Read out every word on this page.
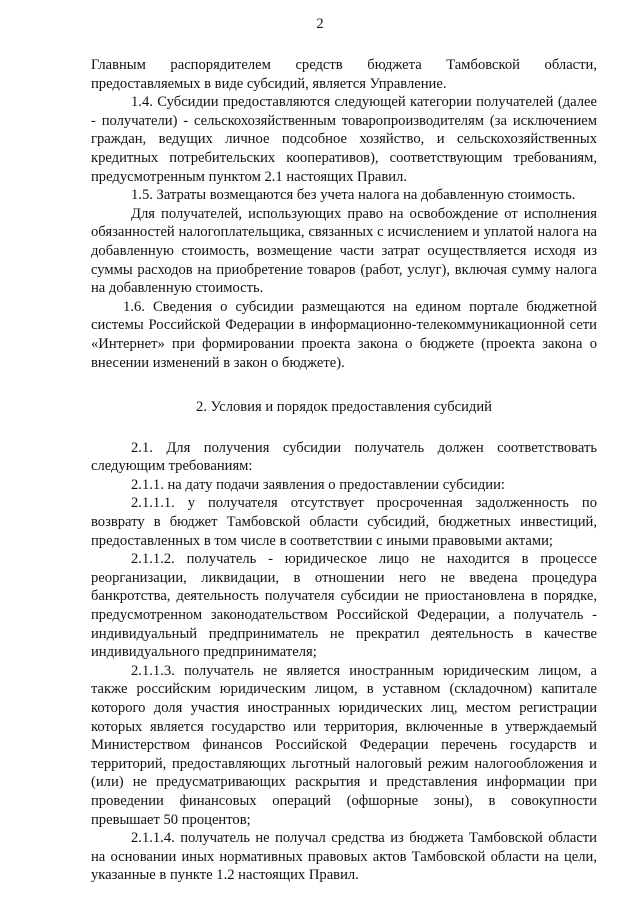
2

Главным распорядителем средств бюджета Тамбовской области, предоставляемых в виде субсидий, является Управление.

1.4. Субсидии предоставляются следующей категории получателей (далее - получатели) - сельскохозяйственным товаропроизводителям (за исключением граждан, ведущих личное подсобное хозяйство, и сельскохозяйственных кредитных потребительских кооперативов), соответствующим требованиям, предусмотренным пунктом 2.1 настоящих Правил.

1.5. Затраты возмещаются без учета налога на добавленную стоимость.

Для получателей, использующих право на освобождение от исполнения обязанностей налогоплательщика, связанных с исчислением и уплатой налога на добавленную стоимость, возмещение части затрат осуществляется исходя из суммы расходов на приобретение товаров (работ, услуг), включая сумму налога на добавленную стоимость.

1.6. Сведения о субсидии размещаются на едином портале бюджетной системы Российской Федерации в информационно-телекоммуникационной сети «Интернет» при формировании проекта закона о бюджете (проекта закона о внесении изменений в закон о бюджете).

2. Условия и порядок предоставления субсидий

2.1. Для получения субсидии получатель должен соответствовать следующим требованиям:

2.1.1. на дату подачи заявления о предоставлении субсидии:

2.1.1.1. у получателя отсутствует просроченная задолженность по возврату в бюджет Тамбовской области субсидий, бюджетных инвестиций, предоставленных в том числе в соответствии с иными правовыми актами;

2.1.1.2. получатель - юридическое лицо не находится в процессе реорганизации, ликвидации, в отношении него не введена процедура банкротства, деятельность получателя субсидии не приостановлена в порядке, предусмотренном законодательством Российской Федерации, а получатель - индивидуальный предприниматель не прекратил деятельность в качестве индивидуального предпринимателя;

2.1.1.3. получатель не является иностранным юридическим лицом, а также российским юридическим лицом, в уставном (складочном) капитале которого доля участия иностранных юридических лиц, местом регистрации которых является государство или территория, включенные в утверждаемый Министерством финансов Российской Федерации перечень государств и территорий, предоставляющих льготный налоговый режим налогообложения и (или) не предусматривающих раскрытия и представления информации при проведении финансовых операций (офшорные зоны), в совокупности превышает 50 процентов;

2.1.1.4. получатель не получал средства из бюджета Тамбовской области на основании иных нормативных правовых актов Тамбовской области на цели, указанные в пункте 1.2 настоящих Правил.
